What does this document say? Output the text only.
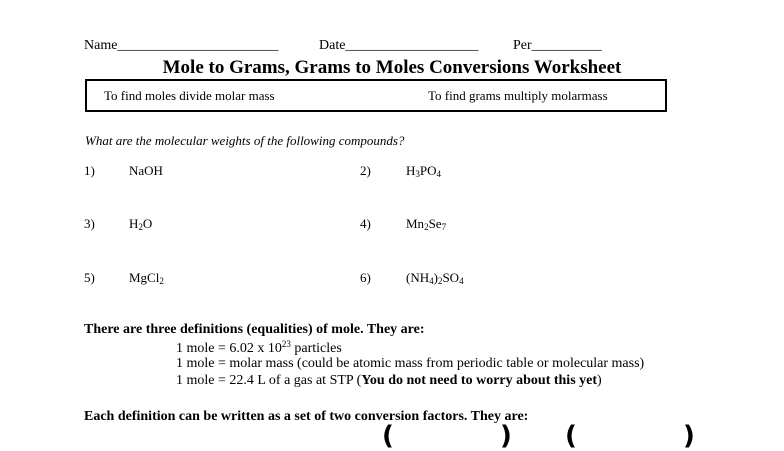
Name_______________________	Date___________________ Per__________
Mole to Grams, Grams to Moles Conversions Worksheet
To find moles divide molar mass	To find grams multiply molarmass
What are the molecular weights of the following compounds?
1)	NaOH	2)	$H_3PO_4$
3)	$H_2O$	4)	$Mn_2Se_7$
5)	MgCl$_2$	6)	$(NH_4)_2SO_4$
There are three definitions (equalities) of mole. They are:
1 mole = 6.02 x $10^{23}$ particles
1 mole = molar mass (could be atomic mass from periodic table or molecular mass)
1 mole = 22.4 L of a gas at STP (You do not need to worry about this yet)
Each definition can be written as a set of two conversion factors. They are:
(	) (	)
